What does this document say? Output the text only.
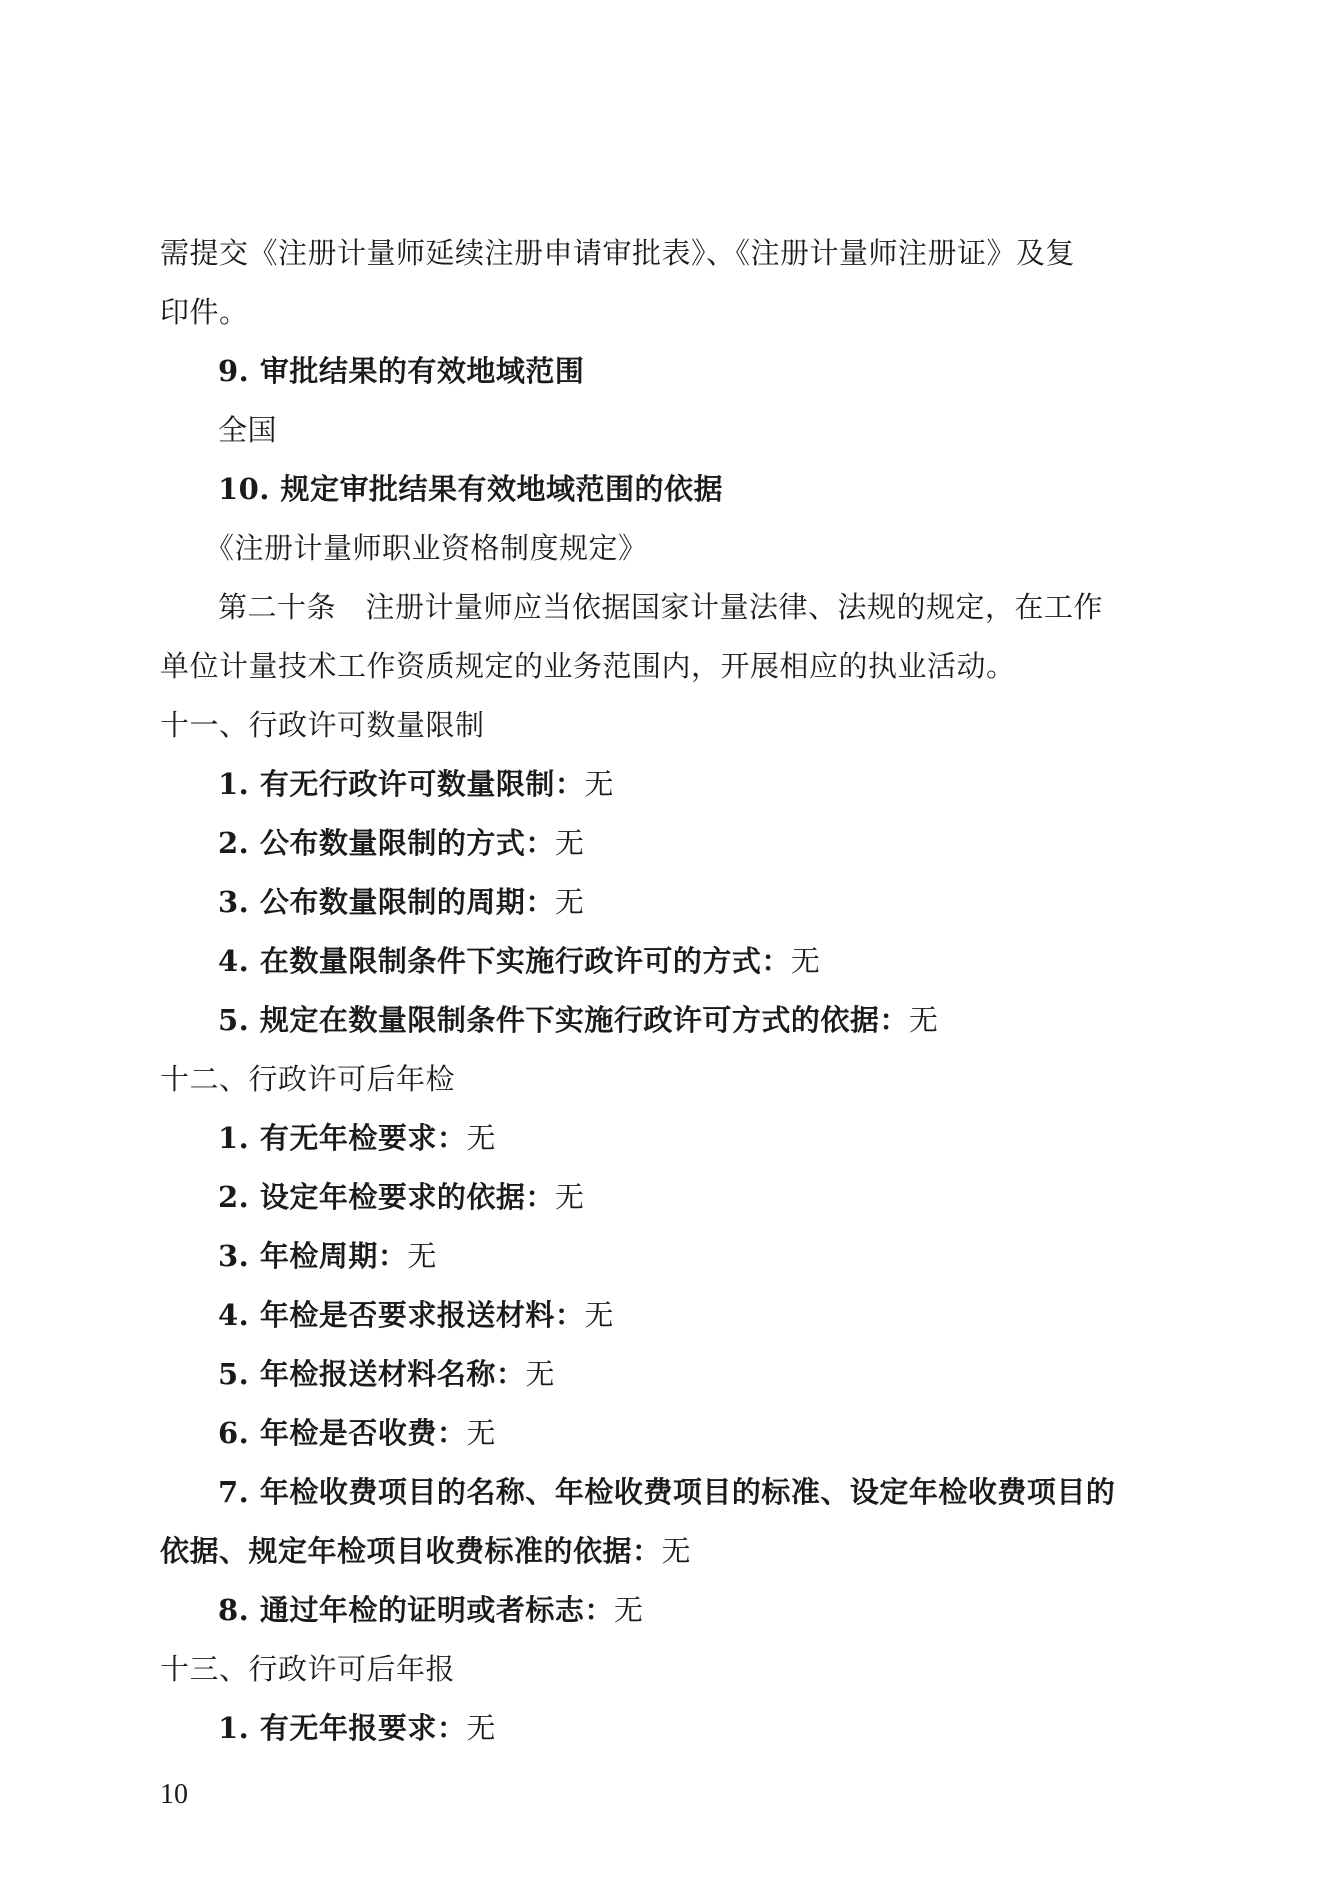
需提交《注册计量师延续注册申请审批表》、《注册计量师注册证》及复
印件。
9. 审批结果的有效地域范围
全国
10. 规定审批结果有效地域范围的依据
《注册计量师职业资格制度规定》
第二十条　注册计量师应当依据国家计量法律、法规的规定，在工作
单位计量技术工作资质规定的业务范围内，开展相应的执业活动。
十一、行政许可数量限制
1. 有无行政许可数量限制：无
2. 公布数量限制的方式：无
3. 公布数量限制的周期：无
4. 在数量限制条件下实施行政许可的方式：无
5. 规定在数量限制条件下实施行政许可方式的依据：无
十二、行政许可后年检
1. 有无年检要求：无
2. 设定年检要求的依据：无
3. 年检周期：无
4. 年检是否要求报送材料：无
5. 年检报送材料名称：无
6. 年检是否收费：无
7. 年检收费项目的名称、年检收费项目的标准、设定年检收费项目的
依据、规定年检项目收费标准的依据：无
8. 通过年检的证明或者标志：无
十三、行政许可后年报
1. 有无年报要求：无
10
